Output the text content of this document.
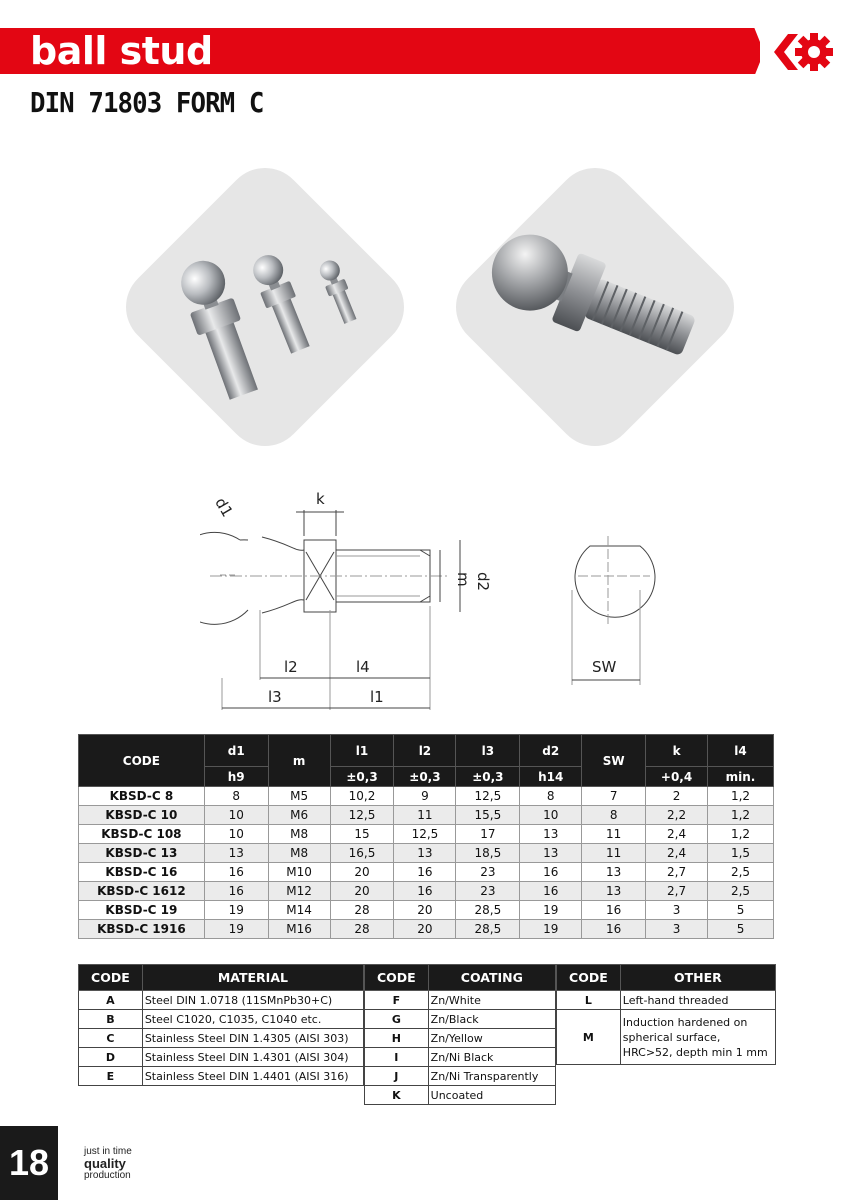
ball stud
DIN 71803 FORM C
d1	k
m d2
l2	l4
l3	l1
SW
CODE	d1	m	l1	l2	l3	d2	SW	k	l4
	h9		±0,3	±0,3	±0,3	h14		+0,4	min.
KBSD-C 8	8	M5	10,2	9	12,5	8	7	2	1,2
KBSD-C 10	10	M6	12,5	11	15,5	10	8	2,2	1,2
KBSD-C 108	10	M8	15	12,5	17	13	11	2,4	1,2
KBSD-C 13	13	M8	16,5	13	18,5	13	11	2,4	1,5
KBSD-C 16	16	M10	20	16	23	16	13	2,7	2,5
KBSD-C 1612	16	M12	20	16	23	16	13	2,7	2,5
KBSD-C 19	19	M14	28	20	28,5	19	16	3	5
KBSD-C 1916	19	M16	28	20	28,5	19	16	3	5
CODE	MATERIAL
A	Steel DIN 1.0718 (11SMnPb30+C)
B	Steel C1020, C1035, C1040 etc.
C	Stainless Steel DIN 1.4305 (AISI 303)
D	Stainless Steel DIN 1.4301 (AISI 304)
E	Stainless Steel DIN 1.4401 (AISI 316)
CODE	COATING
F	Zn/White
G	Zn/Black
H	Zn/Yellow
I	Zn/Ni Black
J	Zn/Ni Transparently
K	Uncoated
CODE	OTHER
L	Left-hand threaded
M	Induction hardened on spherical surface, HRC>52, depth min 1 mm
18	just in time
quality
production
